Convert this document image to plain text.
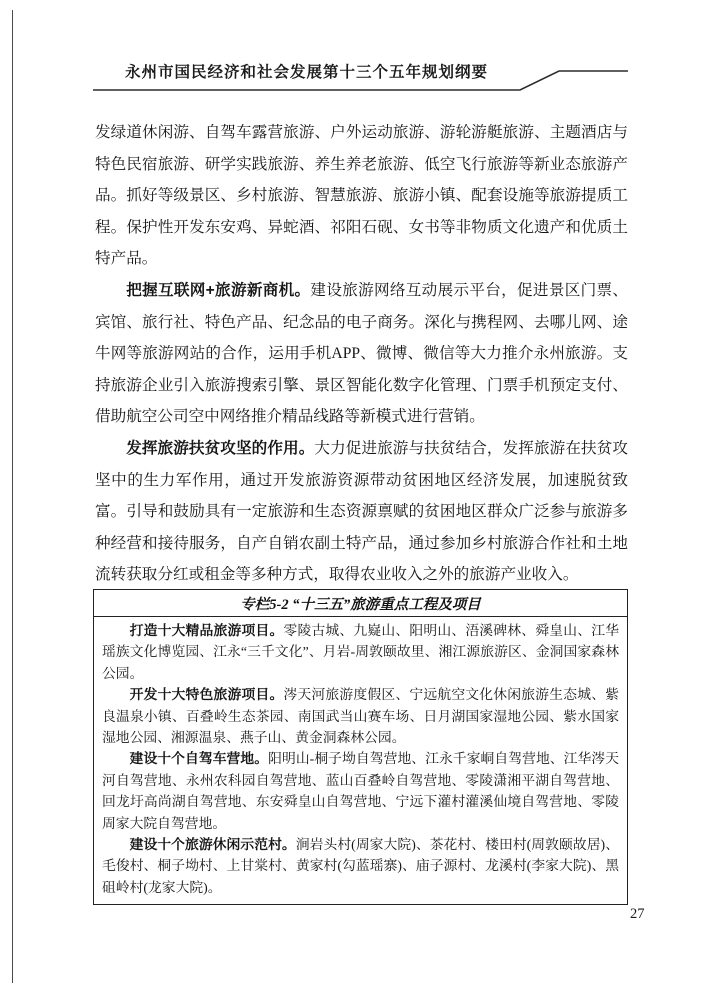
永州市国民经济和社会发展第十三个五年规划纲要

发绿道休闲游、自驾车露营旅游、户外运动旅游、游轮游艇旅游、主题酒店与特色民宿旅游、研学实践旅游、养生养老旅游、低空飞行旅游等新业态旅游产品。抓好等级景区、乡村旅游、智慧旅游、旅游小镇、配套设施等旅游提质工程。保护性开发东安鸡、异蛇酒、祁阳石砚、女书等非物质文化遗产和优质土特产品。

把握互联网+旅游新商机。建设旅游网络互动展示平台，促进景区门票、宾馆、旅行社、特色产品、纪念品的电子商务。深化与携程网、去哪儿网、途牛网等旅游网站的合作，运用手机APP、微博、微信等大力推介永州旅游。支持旅游企业引入旅游搜索引擎、景区智能化数字化管理、门票手机预定支付、借助航空公司空中网络推介精品线路等新模式进行营销。

发挥旅游扶贫攻坚的作用。大力促进旅游与扶贫结合，发挥旅游在扶贫攻坚中的生力军作用，通过开发旅游资源带动贫困地区经济发展，加速脱贫致富。引导和鼓励具有一定旅游和生态资源禀赋的贫困地区群众广泛参与旅游多种经营和接待服务，自产自销农副土特产品，通过参加乡村旅游合作社和土地流转获取分红或租金等多种方式，取得农业收入之外的旅游产业收入。

专栏5-2 “十三五”旅游重点工程及项目

打造十大精品旅游项目。零陵古城、九嶷山、阳明山、浯溪碑林、舜皇山、江华瑶族文化博览园、江永“三千文化”、月岩-周敦颐故里、湘江源旅游区、金洞国家森林公园。

开发十大特色旅游项目。涔天河旅游度假区、宁远航空文化休闲旅游生态城、紫良温泉小镇、百叠岭生态茶园、南国武当山赛车场、日月湖国家湿地公园、紫水国家湿地公园、湘源温泉、燕子山、黄金洞森林公园。

建设十个自驾车营地。阳明山-桐子坳自驾营地、江永千家峒自驾营地、江华涔天河自驾营地、永州农科园自驾营地、蓝山百叠岭自驾营地、零陵潇湘平湖自驾营地、回龙圩高尚湖自驾营地、东安舜皇山自驾营地、宁远下灌村灌溪仙境自驾营地、零陵周家大院自驾营地。

建设十个旅游休闲示范村。涧岩头村(周家大院)、茶花村、楼田村(周敦颐故居)、毛俊村、桐子坳村、上甘棠村、黄家村(勾蓝瑶寨)、庙子源村、龙溪村(李家大院)、黑砠岭村(龙家大院)。

27
